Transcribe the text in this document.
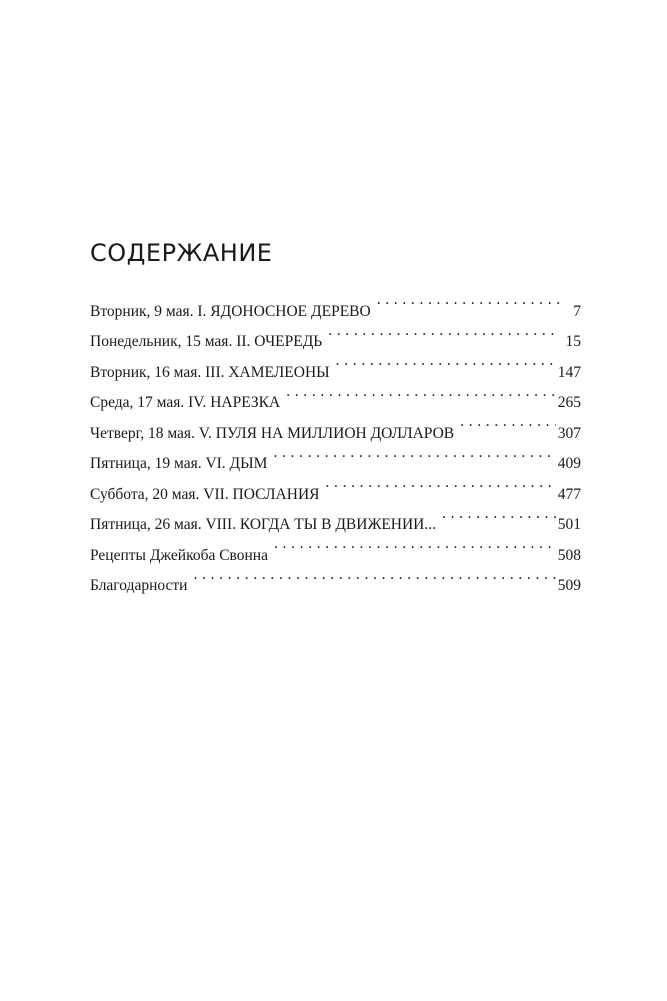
СОДЕРЖАНИЕ
Вторник, 9 мая. I. ЯДОНОСНОЕ ДЕРЕВО . . .	7
Понедельник, 15 мая. II. ОЧЕРЕДЬ . . .	15
Вторник, 16 мая. III. ХАМЕЛЕОНЫ . . .	147
Среда, 17 мая. IV. НАРЕЗКА . . .	265
Четверг, 18 мая. V. ПУЛЯ НА МИЛЛИОН ДОЛЛАРОВ . . .	307
Пятница, 19 мая. VI. ДЫМ . . .	409
Суббота, 20 мая. VII. ПОСЛАНИЯ . . .	477
Пятница, 26 мая. VIII. КОГДА ТЫ В ДВИЖЕНИИ... . . .	501
Рецепты Джейкоба Свонна . . .	508
Благодарности . . .	509
